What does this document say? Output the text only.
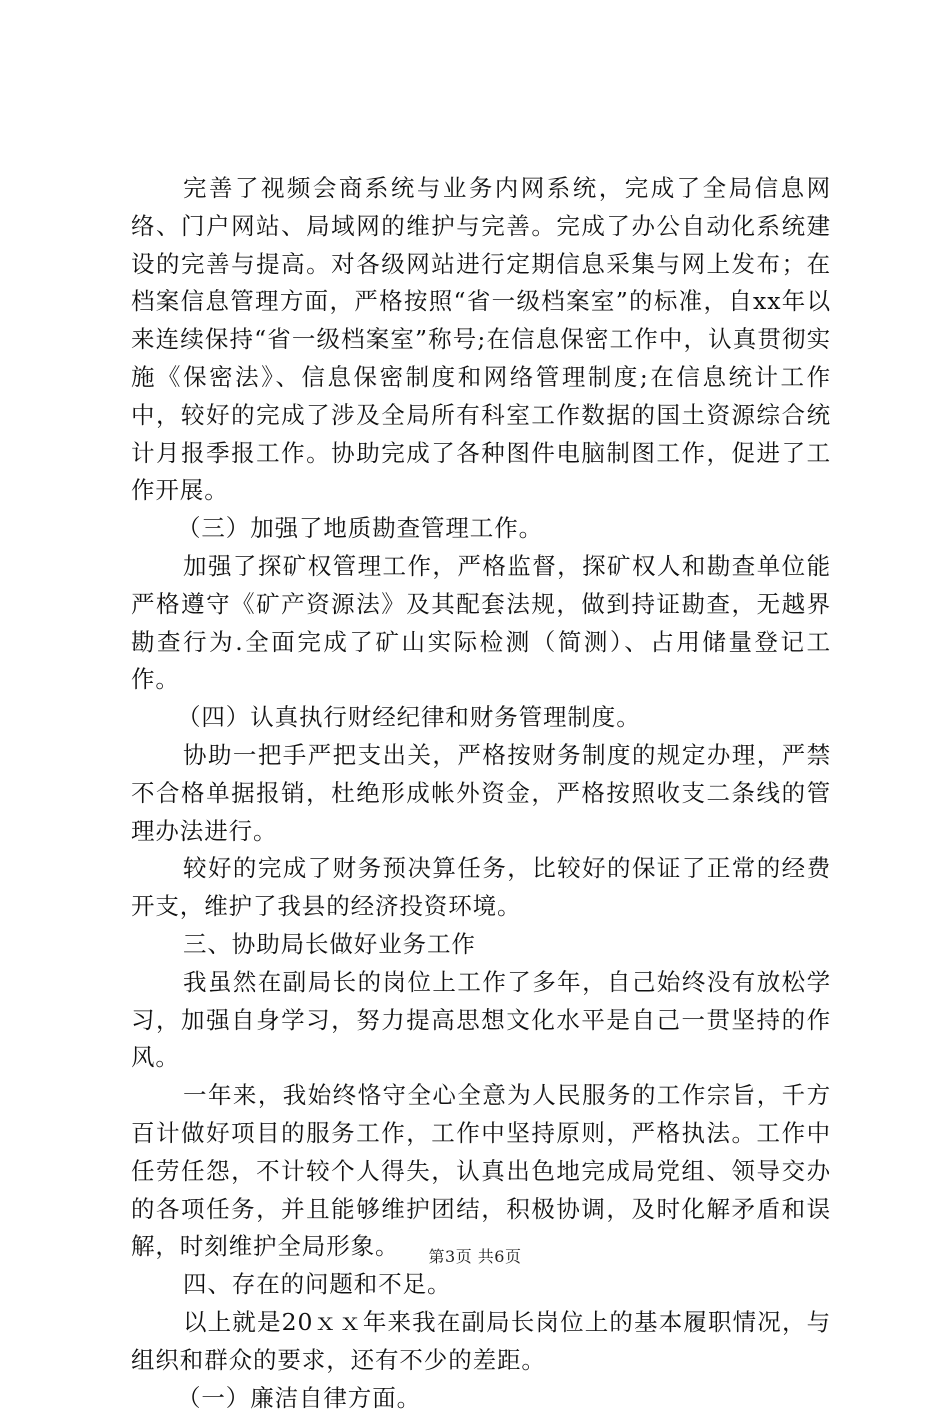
完善了视频会商系统与业务内网系统，完成了全局信息网络、门户网站、局域网的维护与完善。完成了办公自动化系统建设的完善与提高。对各级网站进行定期信息采集与网上发布；在档案信息管理方面，严格按照“省一级档案室”的标准，自xx年以来连续保持“省一级档案室”称号;在信息保密工作中，认真贯彻实施《保密法》、信息保密制度和网络管理制度;在信息统计工作中，较好的完成了涉及全局所有科室工作数据的国土资源综合统计月报季报工作。协助完成了各种图件电脑制图工作，促进了工作开展。

（三）加强了地质勘查管理工作。

加强了探矿权管理工作，严格监督，探矿权人和勘查单位能严格遵守《矿产资源法》及其配套法规，做到持证勘查，无越界勘查行为.全面完成了矿山实际检测（简测）、占用储量登记工作。

（四）认真执行财经纪律和财务管理制度。

协助一把手严把支出关，严格按财务制度的规定办理，严禁不合格单据报销，杜绝形成帐外资金，严格按照收支二条线的管理办法进行。

较好的完成了财务预决算任务，比较好的保证了正常的经费开支，维护了我县的经济投资环境。

三、协助局长做好业务工作

我虽然在副局长的岗位上工作了多年，自己始终没有放松学习，加强自身学习，努力提高思想文化水平是自己一贯坚持的作风。

一年来，我始终恪守全心全意为人民服务的工作宗旨，千方百计做好项目的服务工作，工作中坚持原则，严格执法。工作中任劳任怨，不计较个人得失，认真出色地完成局党组、领导交办的各项任务，并且能够维护团结，积极协调，及时化解矛盾和误解，时刻维护全局形象。

四、存在的问题和不足。

以上就是20ｘｘ年来我在副局长岗位上的基本履职情况，与组织和群众的要求，还有不少的差距。

（一）廉洁自律方面。

第3页 共6页
